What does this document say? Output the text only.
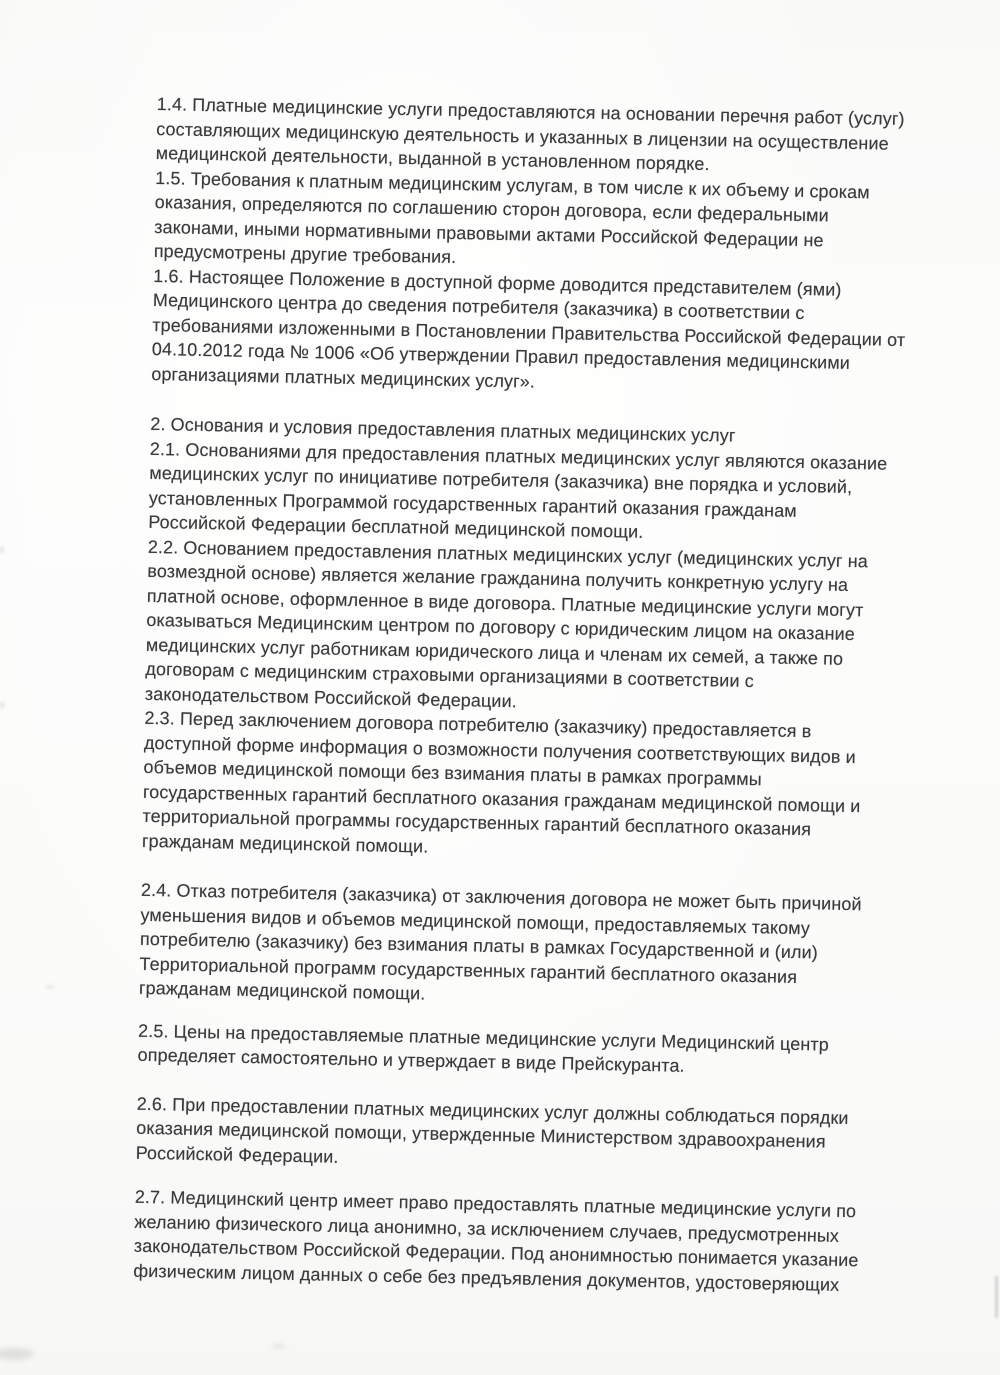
1.4. Платные медицинские услуги предоставляются на основании перечня работ (услуг)
составляющих медицинскую деятельность и указанных в лицензии на осуществление
медицинской деятельности, выданной в установленном порядке.

1.5. Требования к платным медицинским услугам, в том числе к их объему и срокам
оказания, определяются по соглашению сторон договора, если федеральными
законами, иными нормативными правовыми актами Российской Федерации не
предусмотрены другие требования.

1.6. Настоящее Положение в доступной форме доводится представителем (ями)
Медицинского центра до сведения потребителя (заказчика) в соответствии с
требованиями изложенными в Постановлении Правительства Российской Федерации от
04.10.2012 года № 1006 «Об утверждении Правил предоставления медицинскими
организациями платных медицинских услуг».

2. Основания и условия предоставления платных медицинских услуг

2.1. Основаниями для предоставления платных медицинских услуг являются оказание
медицинских услуг по инициативе потребителя (заказчика) вне порядка и условий,
установленных Программой государственных гарантий оказания гражданам
Российской Федерации бесплатной медицинской помощи.

2.2. Основанием предоставления платных медицинских услуг (медицинских услуг на
возмездной основе) является желание гражданина получить конкретную услугу на
платной основе, оформленное в виде договора. Платные медицинские услуги могут
оказываться Медицинским центром по договору с юридическим лицом на оказание
медицинских услуг работникам юридического лица и членам их семей, а также по
договорам с медицинским страховыми организациями в соответствии с
законодательством Российской Федерации.

2.3. Перед заключением договора потребителю (заказчику) предоставляется в
доступной форме информация о возможности получения соответствующих видов и
объемов медицинской помощи без взимания платы в рамках программы
государственных гарантий бесплатного оказания гражданам медицинской помощи и
территориальной программы государственных гарантий бесплатного оказания
гражданам медицинской помощи.

2.4. Отказ потребителя (заказчика) от заключения договора не может быть причиной
уменьшения видов и объемов медицинской помощи, предоставляемых такому
потребителю (заказчику) без взимания платы в рамках Государственной и (или)
Территориальной программ государственных гарантий бесплатного оказания
гражданам медицинской помощи.

2.5. Цены на предоставляемые платные медицинские услуги Медицинский центр
определяет самостоятельно и утверждает в виде Прейскуранта.

2.6. При предоставлении платных медицинских услуг должны соблюдаться порядки
оказания медицинской помощи, утвержденные Министерством здравоохранения
Российской Федерации.

2.7. Медицинский центр имеет право предоставлять платные медицинские услуги по
желанию физического лица анонимно, за исключением случаев, предусмотренных
законодательством Российской Федерации. Под анонимностью понимается указание
физическим лицом данных о себе без предъявления документов, удостоверяющих
